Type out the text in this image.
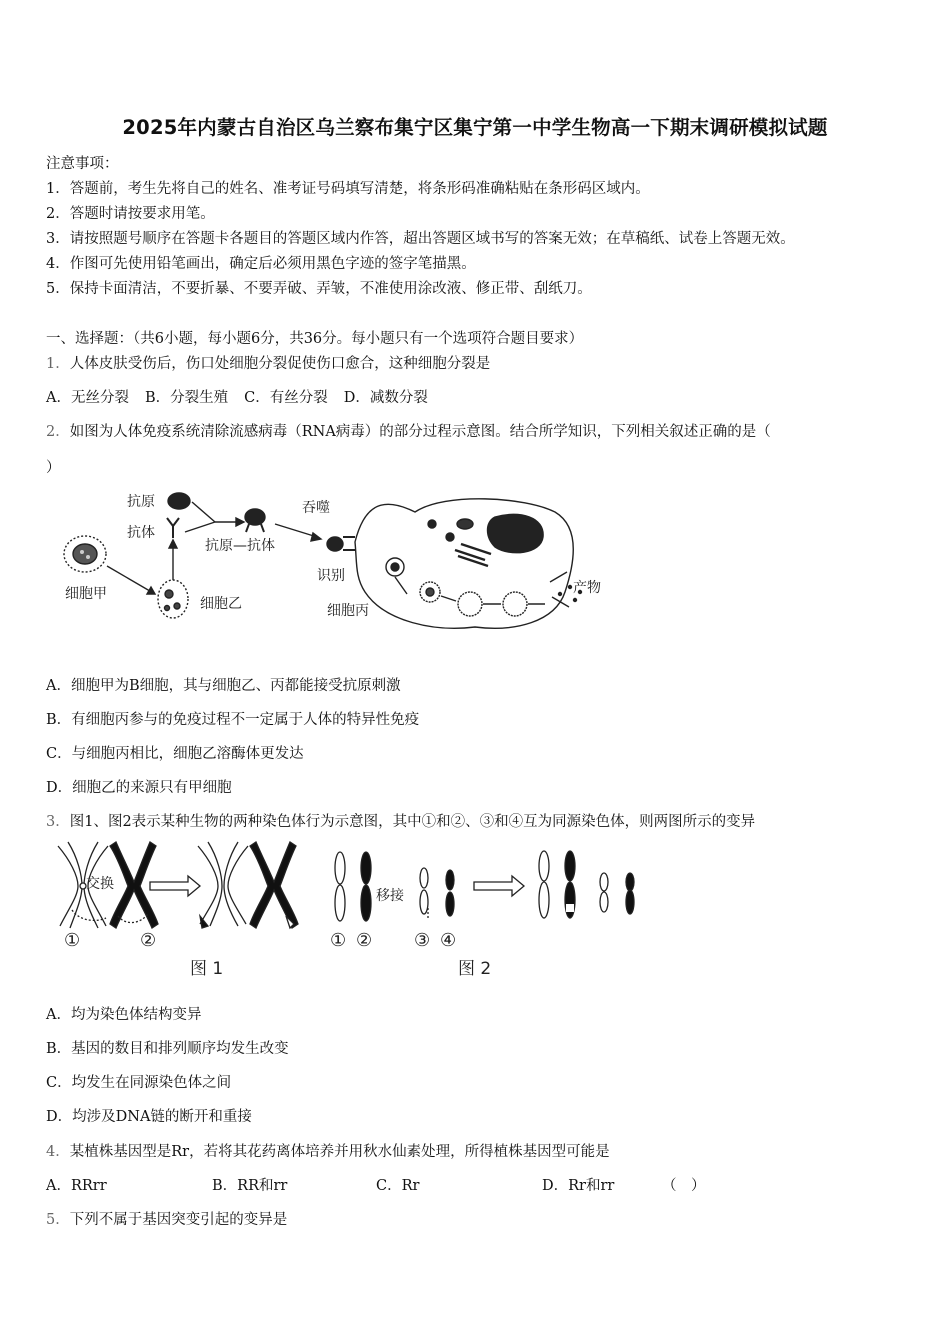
2025年内蒙古自治区乌兰察布集宁区集宁第一中学生物高一下期末调研模拟试题
注意事项：
1．答题前，考生先将自己的姓名、准考证号码填写清楚，将条形码准确粘贴在条形码区域内。
2．答题时请按要求用笔。
3．请按照题号顺序在答题卡各题目的答题区域内作答，超出答题区域书写的答案无效；在草稿纸、试卷上答题无效。
4．作图可先使用铅笔画出，确定后必须用黑色字迹的签字笔描黑。
5．保持卡面清洁，不要折暴、不要弄破、弄皱，不准使用涂改液、修正带、刮纸刀。
一、选择题：（共6小题，每小题6分，共36分。每小题只有一个选项符合题目要求）
1．人体皮肤受伤后，伤口处细胞分裂促使伤口愈合，这种细胞分裂是
A．无丝分裂 B．分裂生殖 C．有丝分裂 D．减数分裂
2．如图为人体免疫系统清除流感病毒（RNA病毒）的部分过程示意图。结合所学知识，下列相关叙述正确的是（
）
抗原
抗体
抗原—抗体
吞噬
识别
细胞甲
细胞乙	细胞丙
产物
A．细胞甲为B细胞，其与细胞乙、丙都能接受抗原刺激
B．有细胞丙参与的免疫过程不一定属于人体的特异性免疫
C．与细胞丙相比，细胞乙溶酶体更发达
D．细胞乙的来源只有甲细胞
3．图1、图2表示某种生物的两种染色体行为示意图，其中①和②、③和④互为同源染色体，则两图所示的变异
交换
移接
①	②	① ② ③ ④
图 1	图 2
A．均为染色体结构变异
B．基因的数目和排列顺序均发生改变
C．均发生在同源染色体之间
D．均涉及DNA链的断开和重接
4．某植株基因型是Rr，若将其花药离体培养并用秋水仙素处理，所得植株基因型可能是
A．RRrr	B．RR和rr	C．Rr	D．Rr和rr	（　）
5．下列不属于基因突变引起的变异是
